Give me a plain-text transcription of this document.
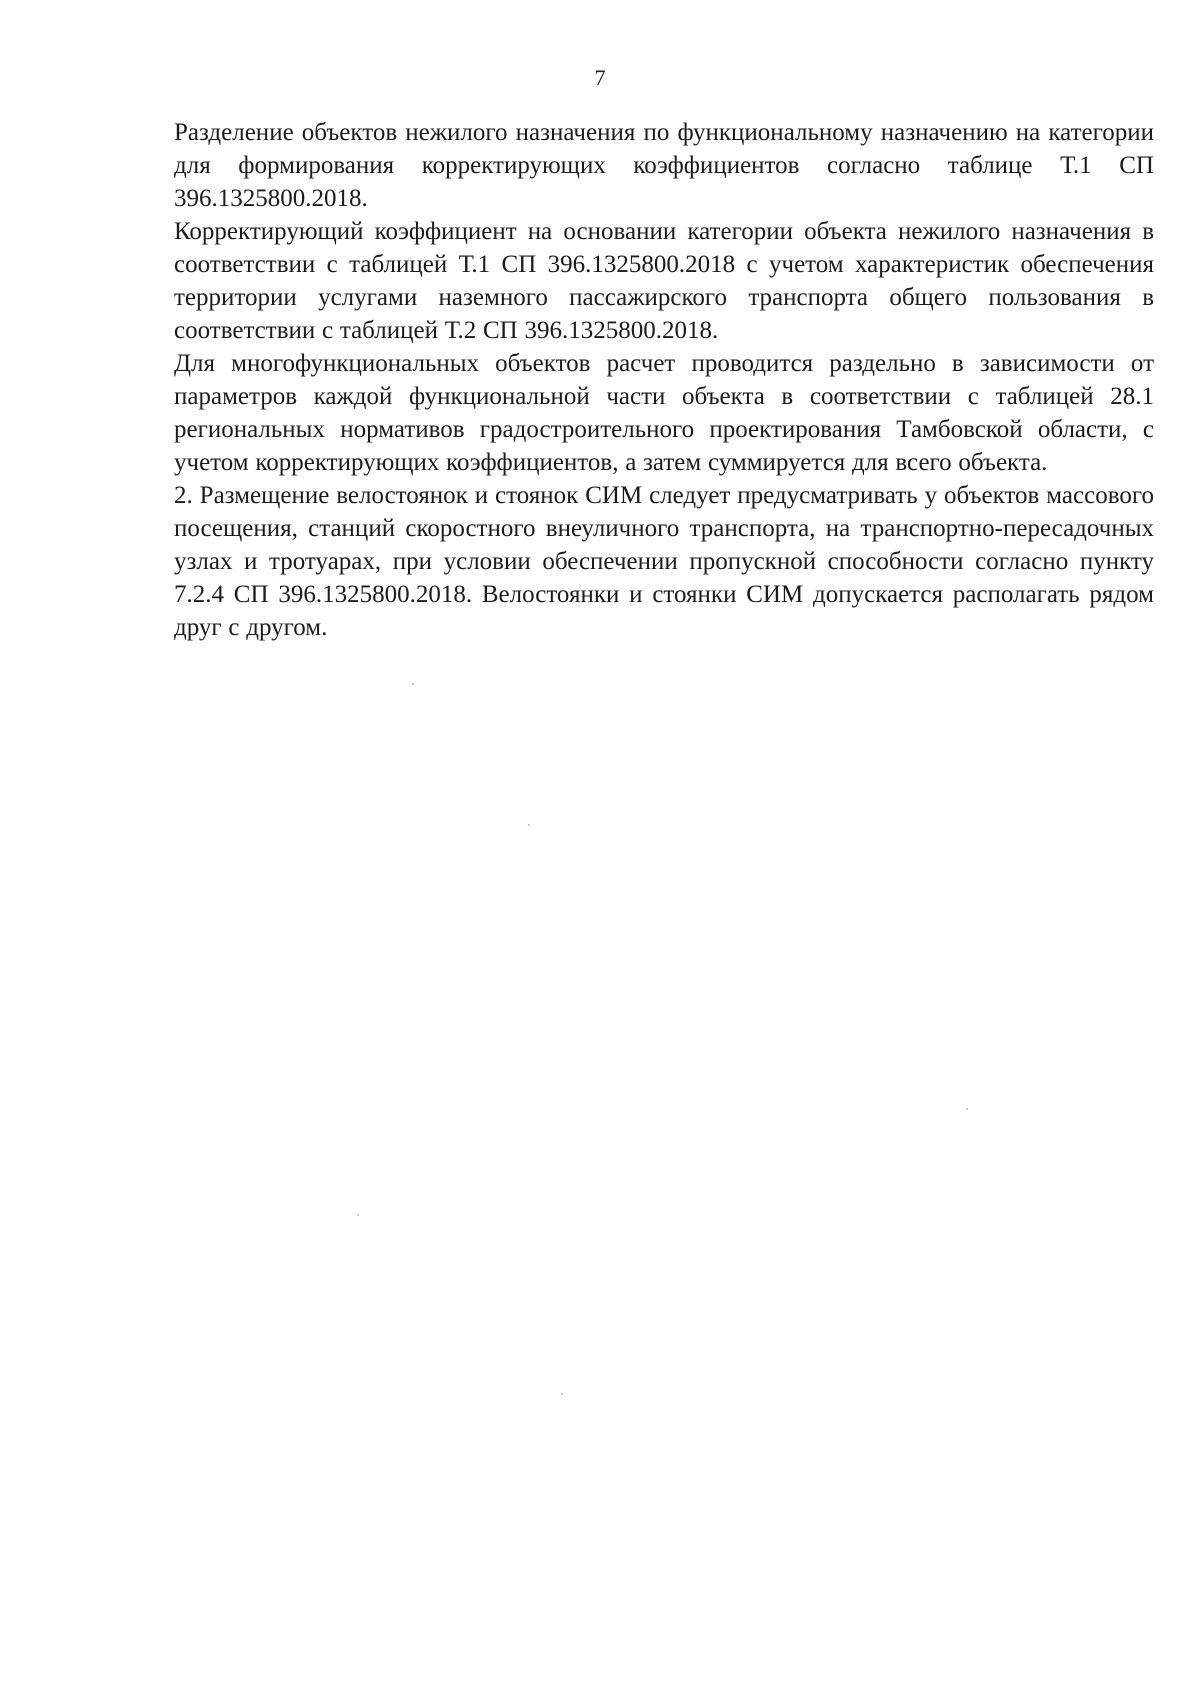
7

Разделение объектов нежилого назначения по функциональному назначению на категории для формирования корректирующих коэффициентов согласно таблице Т.1 СП 396.1325800.2018.

Корректирующий коэффициент на основании категории объекта нежилого назначения в соответствии с таблицей Т.1 СП 396.1325800.2018 с учетом характеристик обеспечения территории услугами наземного пассажирского транспорта общего пользования в соответствии с таблицей Т.2 СП 396.1325800.2018.

Для многофункциональных объектов расчет проводится раздельно в зависимости от параметров каждой функциональной части объекта в соответствии с таблицей 28.1 региональных нормативов градостроительного проектирования Тамбовской области, с учетом корректирующих коэффициентов, а затем суммируется для всего объекта.

2. Размещение велостоянок и стоянок СИМ следует предусматривать у объектов массового посещения, станций скоростного внеуличного транспорта, на транспортно-пересадочных узлах и тротуарах, при условии обеспечении пропускной способности согласно пункту 7.2.4 СП 396.1325800.2018. Велостоянки и стоянки СИМ допускается располагать рядом друг с другом.
